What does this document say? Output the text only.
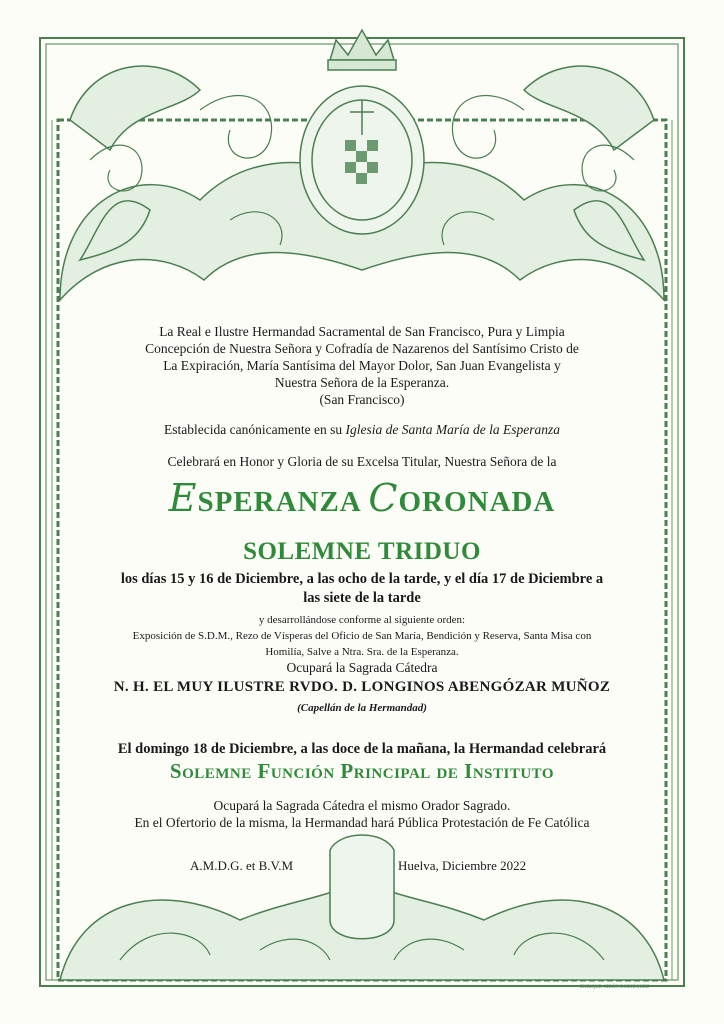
La Real e Ilustre Hermandad Sacramental de San Francisco, Pura y Limpia
Concepción de Nuestra Señora y Cofradía de Nazarenos del Santísimo Cristo de
La Expiración, María Santísima del Mayor Dolor, San Juan Evangelista y
Nuestra Señora de la Esperanza.
(San Francisco)
Establecida canónicamente en su Iglesia de Santa María de la Esperanza
Celebrará en Honor y Gloria de su Excelsa Titular, Nuestra Señora de la
ESPERANZA CORONADA
SOLEMNE TRIDUO
los días 15 y 16 de Diciembre, a las ocho de la tarde, y el día 17 de Diciembre a
las siete de la tarde
y desarrollándose conforme al siguiente orden:
Exposición de S.D.M., Rezo de Vísperas del Oficio de San María, Bendición y Reserva, Santa Misa con
Homilía, Salve a Ntra. Sra. de la Esperanza.
Ocupará la Sagrada Cátedra
N. H. EL MUY ILUSTRE RVDO. D. LONGINOS ABENGÓZAR MUÑOZ
(Capellán de la Hermandad)
El domingo 18 de Diciembre, a las doce de la mañana, la Hermandad celebrará
Solemne Función Principal de Instituto
Ocupará la Sagrada Cátedra el mismo Orador Sagrado.
En el Ofertorio de la misma, la Hermandad hará Pública Protestación de Fe Católica
A.M.D.G. et B.V.M	Huelva, Diciembre 2022
ENRIQUE GIRÓN RODRÍGUEZ
